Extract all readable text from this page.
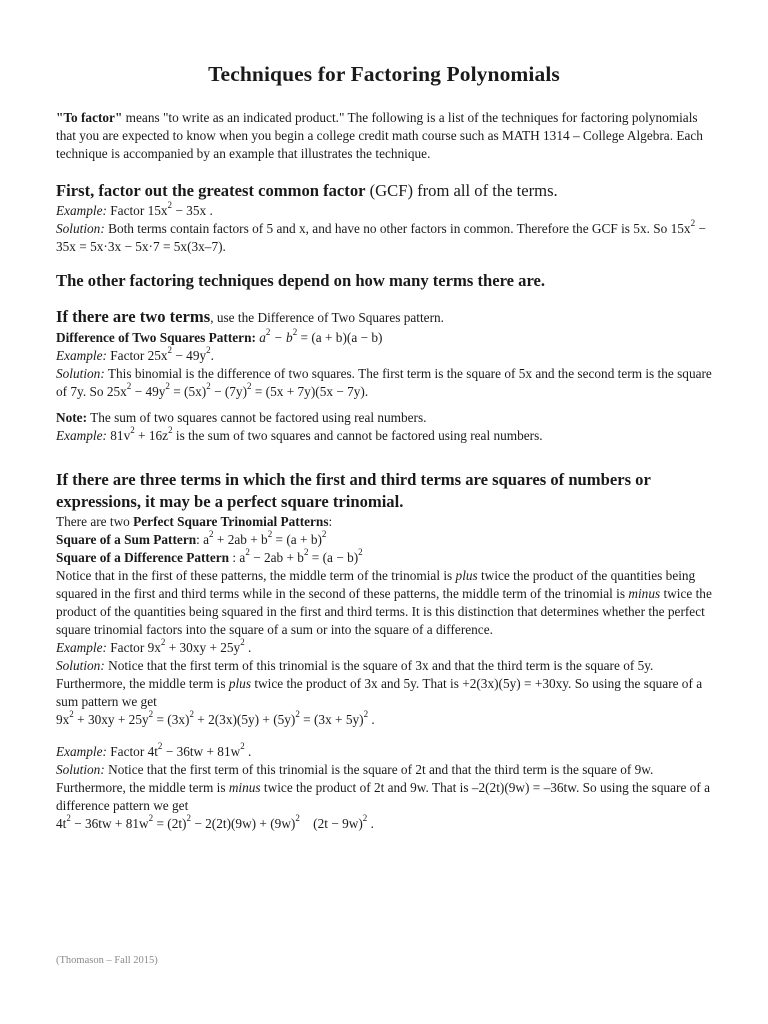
Techniques for Factoring Polynomials

"To factor" means "to write as an indicated product." The following is a list of the techniques for factoring polynomials that you are expected to know when you begin a college credit math course such as MATH 1314 – College Algebra. Each technique is accompanied by an example that illustrates the technique.

First, factor out the greatest common factor (GCF) from all of the terms.

Example: Factor $15x^2 - 35x$ .

Solution: Both terms contain factors of 5 and x, and have no other factors in common. Therefore the GCF is 5x. So $15x^2 - 35x = 5x\cdot 3x - 5x\cdot 7 = 5x(3x-7)$.

The other factoring techniques depend on how many terms there are.
If there are two terms, use the Difference of Two Squares pattern.

Difference of Two Squares Pattern: $a^2 - b^2 = (a + b)(a - b)$

Example: Factor $25x^2 - 49y^2$.

Solution: This binomial is the difference of two squares. The first term is the square of 5x and the second term is the square of 7y. So $25x^2 - 49y^2 = (5x)^2 - (7y)^2 = (5x + 7y)(5x - 7y)$.

Note: The sum of two squares cannot be factored using real numbers.

Example: $81v^2 + 16z^2$ is the sum of two squares and cannot be factored using real numbers.

If there are three terms in which the first and third terms are squares of numbers or expressions, it may be a perfect square trinomial.

There are two Perfect Square Trinomial Patterns:

Square of a Sum Pattern: $a^2 + 2ab + b^2 = (a + b)^2$

Square of a Difference Pattern : $a^2 - 2ab + b^2 = (a - b)^2$

Notice that in the first of these patterns, the middle term of the trinomial is plus twice the product of the quantities being squared in the first and third terms while in the second of these patterns, the middle term of the trinomial is minus twice the product of the quantities being squared in the first and third terms. It is this distinction that determines whether the perfect square trinomial factors into the square of a sum or into the square of a difference.

Example: Factor $9x^2 + 30xy + 25y^2$ .

Solution: Notice that the first term of this trinomial is the square of 3x and that the third term is the square of 5y. Furthermore, the middle term is plus twice the product of 3x and 5y. That is +2(3x)(5y) = +30xy. So using the square of a sum pattern we get

$9x^2 + 30xy + 25y^2 = (3x)^2 + 2(3x)(5y) + (5y)^2 = (3x + 5y)^2$ .

Example: Factor $4t^2 - 36tw + 81w^2$ .

Solution: Notice that the first term of this trinomial is the square of 2t and that the third term is the square of 9w. Furthermore, the middle term is minus twice the product of 2t and 9w. That is –2(2t)(9w) = –36tw. So using the square of a difference pattern we get

$4t^2 - 36tw + 81w^2 = (2t)^2 - 2(2t)(9w) + (9w)^2$    $(2t - 9w)^2$ .

(Thomason – Fall 2015)
